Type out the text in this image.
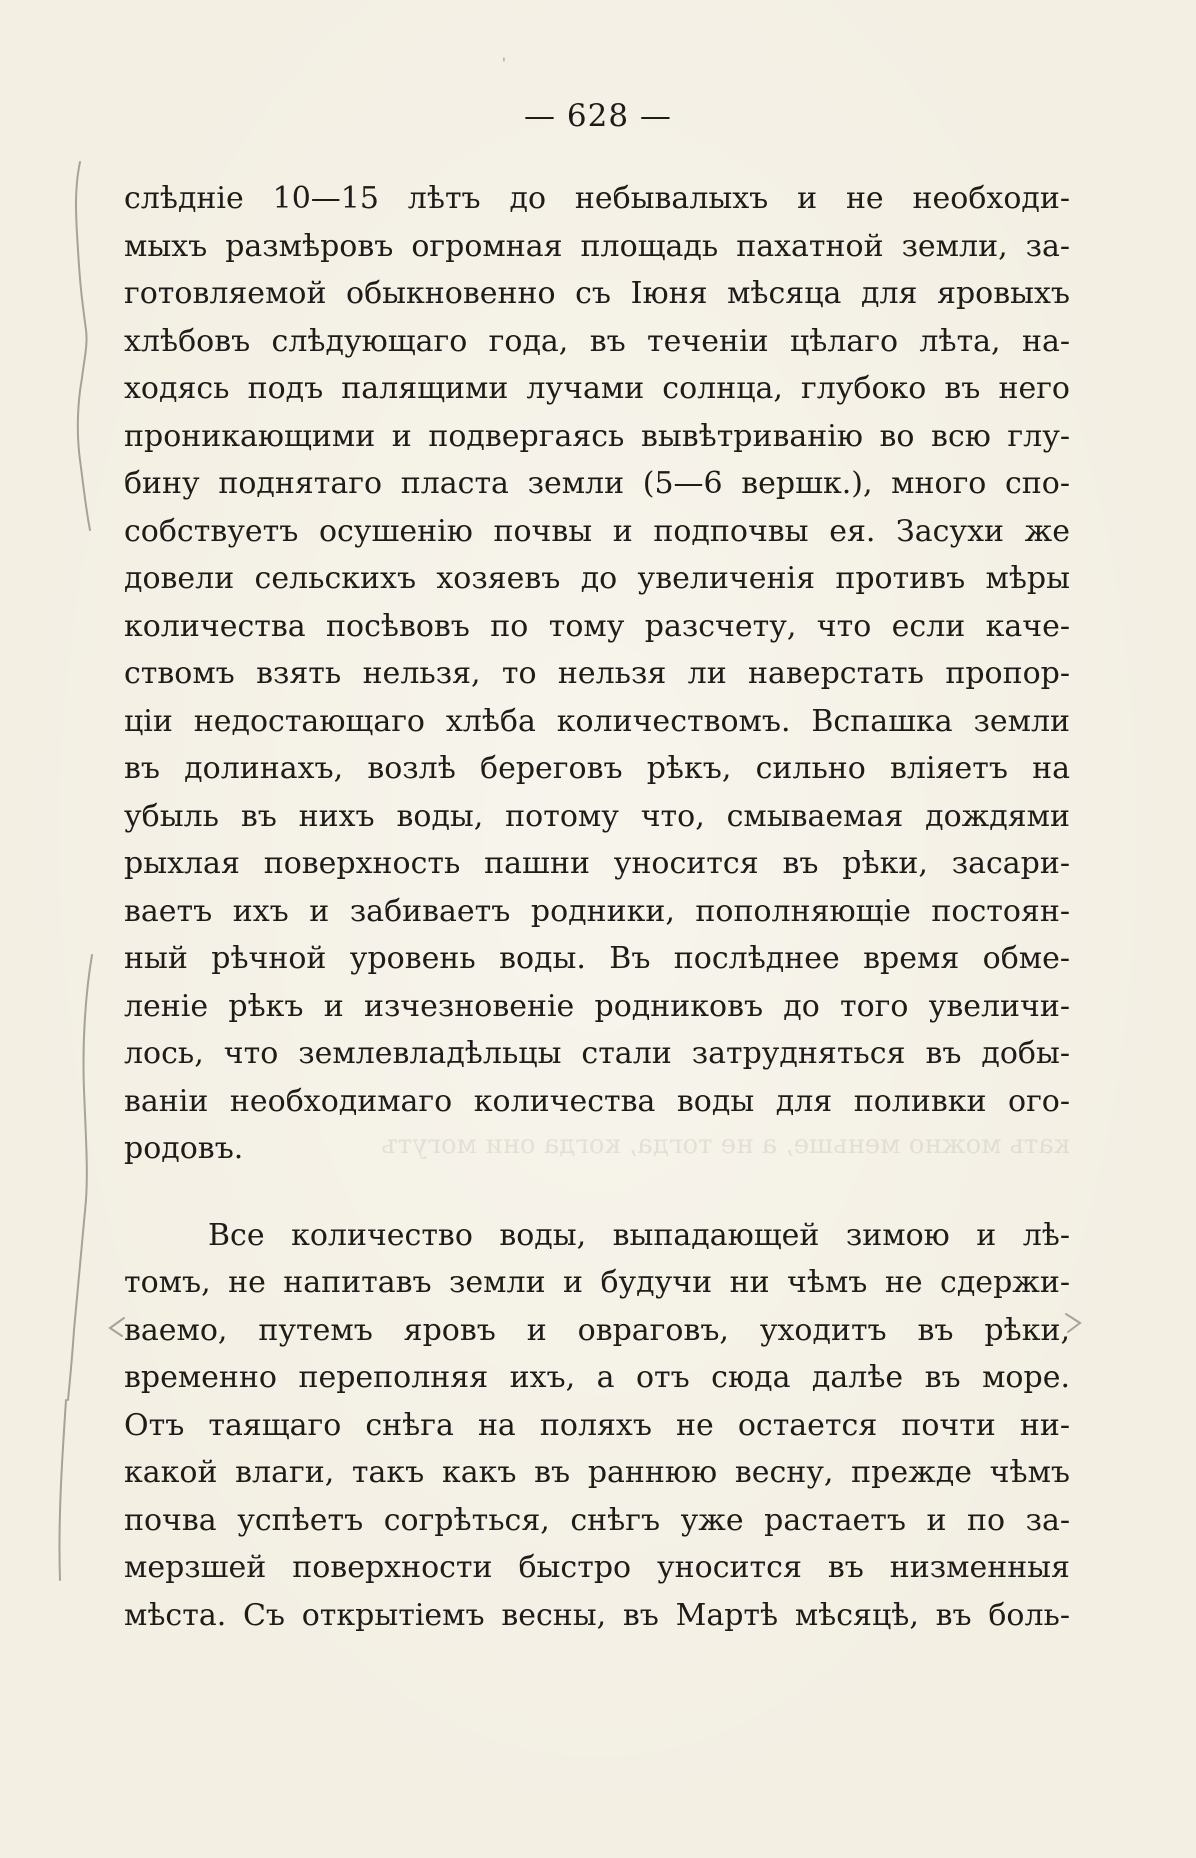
кать можно меньше, а не тогда, когда они могутъ
'
— 628 —
слѣдніе 10—15 лѣтъ до небывалыхъ и не необходи-
мыхъ размѣровъ огромная площадь пахатной земли, за-
готовляемой обыкновенно съ Іюня мѣсяца для яровыхъ
хлѣбовъ слѣдующаго года, въ теченіи цѣлаго лѣта, на-
ходясь подъ палящими лучами солнца, глубоко въ него
проникающими и подвергаясь вывѣтриванію во всю глу-
бину поднятаго пласта земли (5—6 вершк.), много спо-
собствуетъ осушенію почвы и подпочвы ея. Засухи же
довели сельскихъ хозяевъ до увеличенія противъ мѣры
количества посѣвовъ по тому разсчету, что если каче-
ствомъ взять нельзя, то нельзя ли наверстать пропор-
ціи недостающаго хлѣба количествомъ. Вспашка земли
въ долинахъ, возлѣ береговъ рѣкъ, сильно вліяетъ на
убыль въ нихъ воды, потому что, смываемая дождями
рыхлая поверхность пашни уносится въ рѣки, засари-
ваетъ ихъ и забиваетъ родники, пополняющіе постоян-
ный рѣчной уровень воды. Въ послѣднее время обме-
леніе рѣкъ и изчезновеніе родниковъ до того увеличи-
лось, что землевладѣльцы стали затрудняться въ добы-
ваніи необходимаго количества воды для поливки ого-
родовъ.
Все количество воды, выпадающей зимою и лѣ-
томъ, не напитавъ земли и будучи ни чѣмъ не сдержи-
ваемо, путемъ яровъ и овраговъ, уходитъ въ рѣки,
временно переполняя ихъ, а отъ сюда далѣе въ море.
Отъ таящаго снѣга на поляхъ не остается почти ни-
какой влаги, такъ какъ въ раннюю весну, прежде чѣмъ
почва успѣетъ согрѣться, снѣгъ уже растаетъ и по за-
мерзшей поверхности быстро уносится въ низменныя
мѣста. Съ открытіемъ весны, въ Мартѣ мѣсяцѣ, въ боль-
